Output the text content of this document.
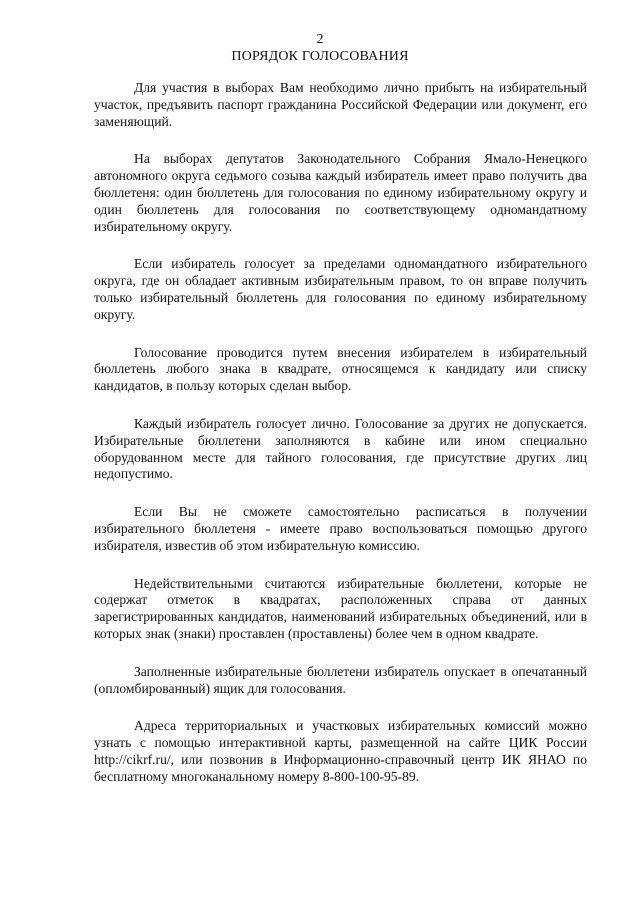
2
ПОРЯДОК ГОЛОСОВАНИЯ

Для участия в выборах Вам необходимо лично прибыть на избирательный участок, предъявить паспорт гражданина Российской Федерации или документ, его заменяющий.

На выборах депутатов Законодательного Собрания Ямало-Ненецкого автономного округа седьмого созыва каждый избиратель имеет право получить два бюллетеня: один бюллетень для голосования по единому избирательному округу и один бюллетень для голосования по соответствующему одномандатному избирательному округу.

Если избиратель голосует за пределами одномандатного избирательного округа, где он обладает активным избирательным правом, то он вправе получить только избирательный бюллетень для голосования по единому избирательному округу.

Голосование проводится путем внесения избирателем в избирательный бюллетень любого знака в квадрате, относящемся к кандидату или списку кандидатов, в пользу которых сделан выбор.

Каждый избиратель голосует лично. Голосование за других не допускается. Избирательные бюллетени заполняются в кабине или ином специально оборудованном месте для тайного голосования, где присутствие других лиц недопустимо.

Если Вы не сможете самостоятельно расписаться в получении избирательного бюллетеня - имеете право воспользоваться помощью другого избирателя, известив об этом избирательную комиссию.

Недействительными считаются избирательные бюллетени, которые не содержат отметок в квадратах, расположенных справа от данных зарегистрированных кандидатов, наименований избирательных объединений, или в которых знак (знаки) проставлен (проставлены) более чем в одном квадрате.

Заполненные избирательные бюллетени избиратель опускает в опечатанный (опломбированный) ящик для голосования.

Адреса территориальных и участковых избирательных комиссий можно узнать с помощью интерактивной карты, размещенной на сайте ЦИК России http://cikrf.ru/, или позвонив в Информационно-справочный центр ИК ЯНАО по бесплатному многоканальному номеру 8-800-100-95-89.
